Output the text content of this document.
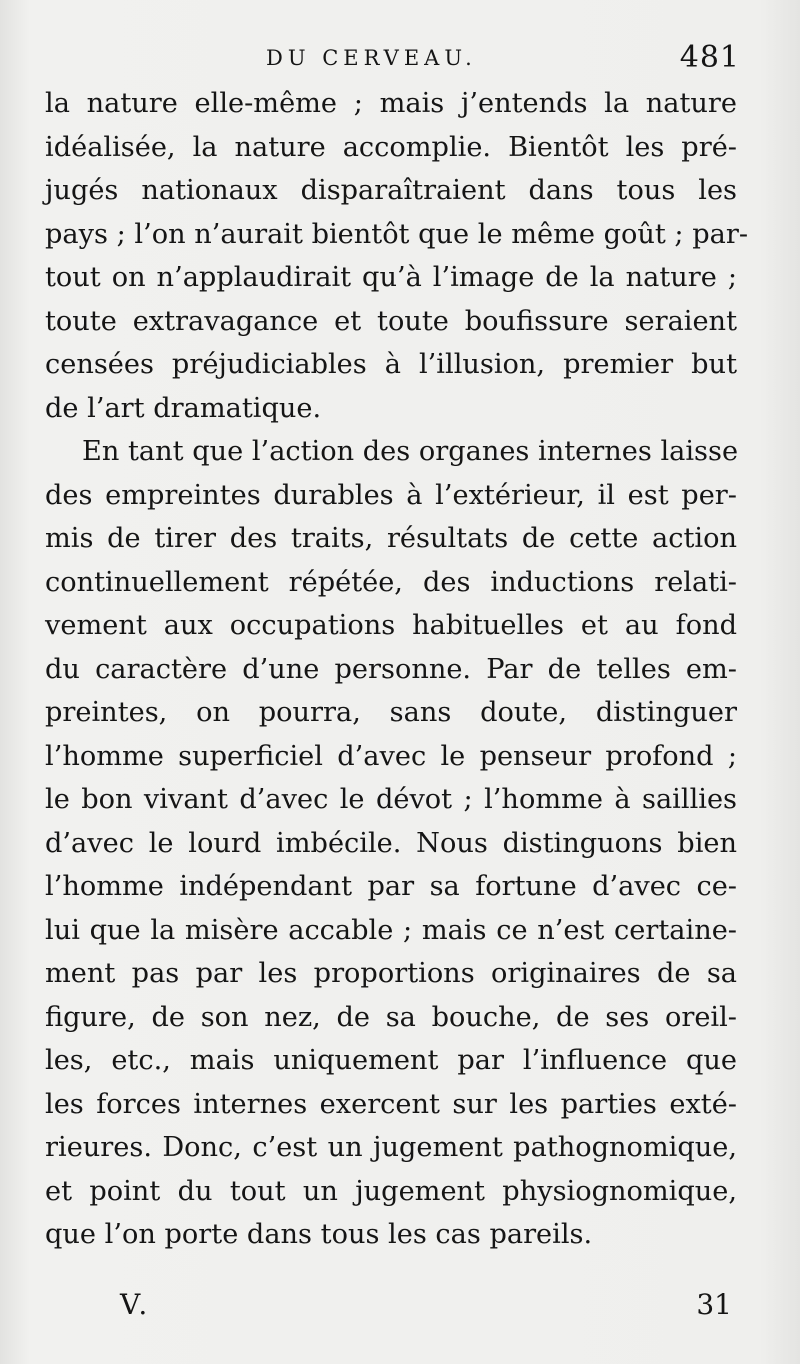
DU CERVEAU.	481
la nature elle-même ; mais j’entends la nature
idéalisée, la nature accomplie. Bientôt les pré-
jugés nationaux disparaîtraient dans tous les
pays ; l’on n’aurait bientôt que le même goût ; par-
tout on n’applaudirait qu’à l’image de la nature ;
toute extravagance et toute boufissure seraient
censées préjudiciables à l’illusion, premier but
de l’art dramatique.
En tant que l’action des organes internes laisse
des empreintes durables à l’extérieur, il est per-
mis de tirer des traits, résultats de cette action
continuellement répétée, des inductions relati-
vement aux occupations habituelles et au fond
du caractère d’une personne. Par de telles em-
preintes, on pourra, sans doute, distinguer
l’homme superficiel d’avec le penseur profond ;
le bon vivant d’avec le dévot ; l’homme à saillies
d’avec le lourd imbécile. Nous distinguons bien
l’homme indépendant par sa fortune d’avec ce-
lui que la misère accable ; mais ce n’est certaine-
ment pas par les proportions originaires de sa
figure, de son nez, de sa bouche, de ses oreil-
les, etc., mais uniquement par l’influence que
les forces internes exercent sur les parties exté-
rieures. Donc, c’est un jugement pathognomique,
et point du tout un jugement physiognomique,
que l’on porte dans tous les cas pareils.
V.	31
